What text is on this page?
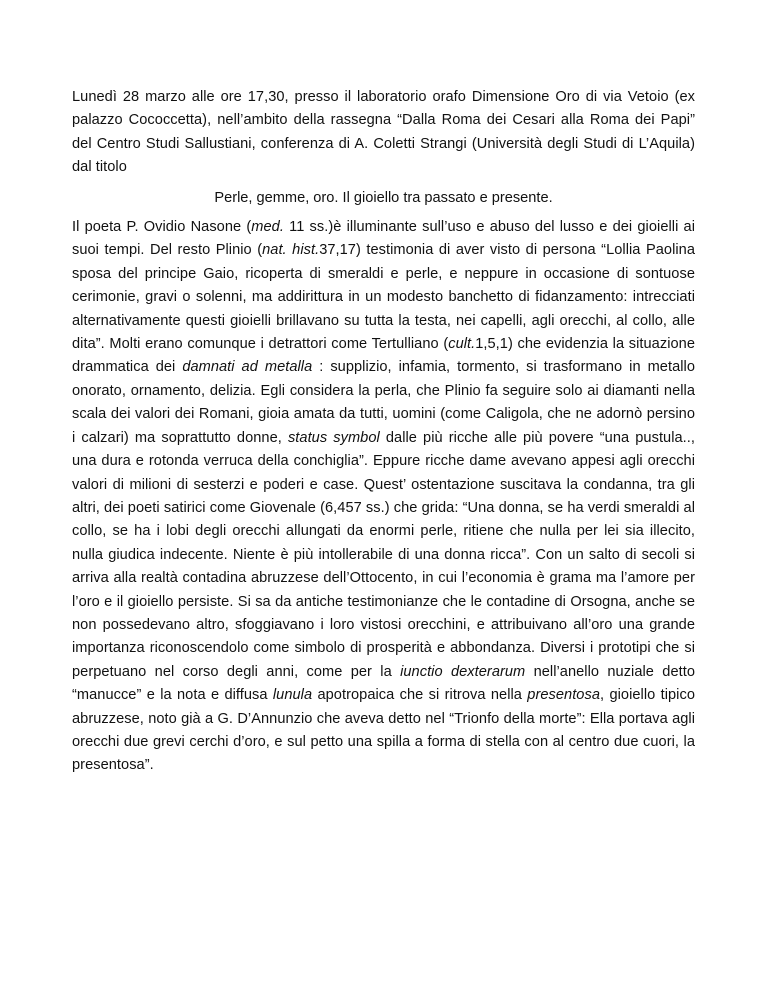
Lunedì 28 marzo alle ore 17,30, presso il laboratorio orafo Dimensione Oro di via Vetoio (ex palazzo Cococcetta), nell’ambito della rassegna “Dalla Roma dei Cesari alla Roma dei Papi” del Centro Studi Sallustiani, conferenza di A. Coletti Strangi (Università degli Studi di L’Aquila) dal titolo

Perle, gemme, oro. Il gioiello tra passato e presente.

Il poeta P. Ovidio Nasone (med. 11 ss.)è illuminante sull’uso e abuso del lusso e dei gioielli ai suoi tempi. Del resto Plinio (nat. hist.37,17) testimonia di aver visto di persona “Lollia Paolina sposa del principe Gaio, ricoperta di smeraldi e perle, e neppure in occasione di sontuose cerimonie, gravi o solenni, ma addirittura in un modesto banchetto di fidanzamento: intrecciati alternativamente questi gioielli brillavano su tutta la testa, nei capelli, agli orecchi, al collo, alle dita”. Molti erano comunque i detrattori come Tertulliano (cult.1,5,1) che evidenzia la situazione drammatica dei damnati ad metalla : supplizio, infamia, tormento, si trasformano in metallo onorato, ornamento, delizia. Egli considera la perla, che Plinio fa seguire solo ai diamanti nella scala dei valori dei Romani, gioia amata da tutti, uomini (come Caligola, che ne adornò persino i calzari) ma soprattutto donne, status symbol dalle più ricche alle più povere “una pustula.., una dura e rotonda verruca della conchiglia”. Eppure ricche dame avevano appesi agli orecchi valori di milioni di sesterzi e poderi e case. Quest’ ostentazione suscitava la condanna, tra gli altri, dei poeti satirici come Giovenale (6,457 ss.) che grida: “Una donna, se ha verdi smeraldi al collo, se ha i lobi degli orecchi allungati da enormi perle, ritiene che nulla per lei sia illecito, nulla giudica indecente. Niente è più intollerabile di una donna ricca”. Con un salto di secoli si arriva alla realtà contadina abruzzese dell’Ottocento, in cui l’economia è grama ma l’amore per l’oro e il gioiello persiste. Si sa da antiche testimonianze che le contadine di Orsogna, anche se non possedevano altro, sfoggiavano i loro vistosi orecchini, e attribuivano all’oro una grande importanza riconoscendolo come simbolo di prosperità e abbondanza. Diversi i prototipi che si perpetuano nel corso degli anni, come per la iunctio dexterarum nell’anello nuziale detto “manucce” e la nota e diffusa lunula apotropaica che si ritrova nella presentosa, gioiello tipico abruzzese, noto già a G. D’Annunzio che aveva detto nel “Trionfo della morte”: Ella portava agli orecchi due grevi cerchi d’oro, e sul petto una spilla a forma di stella con al centro due cuori, la presentosa”.
